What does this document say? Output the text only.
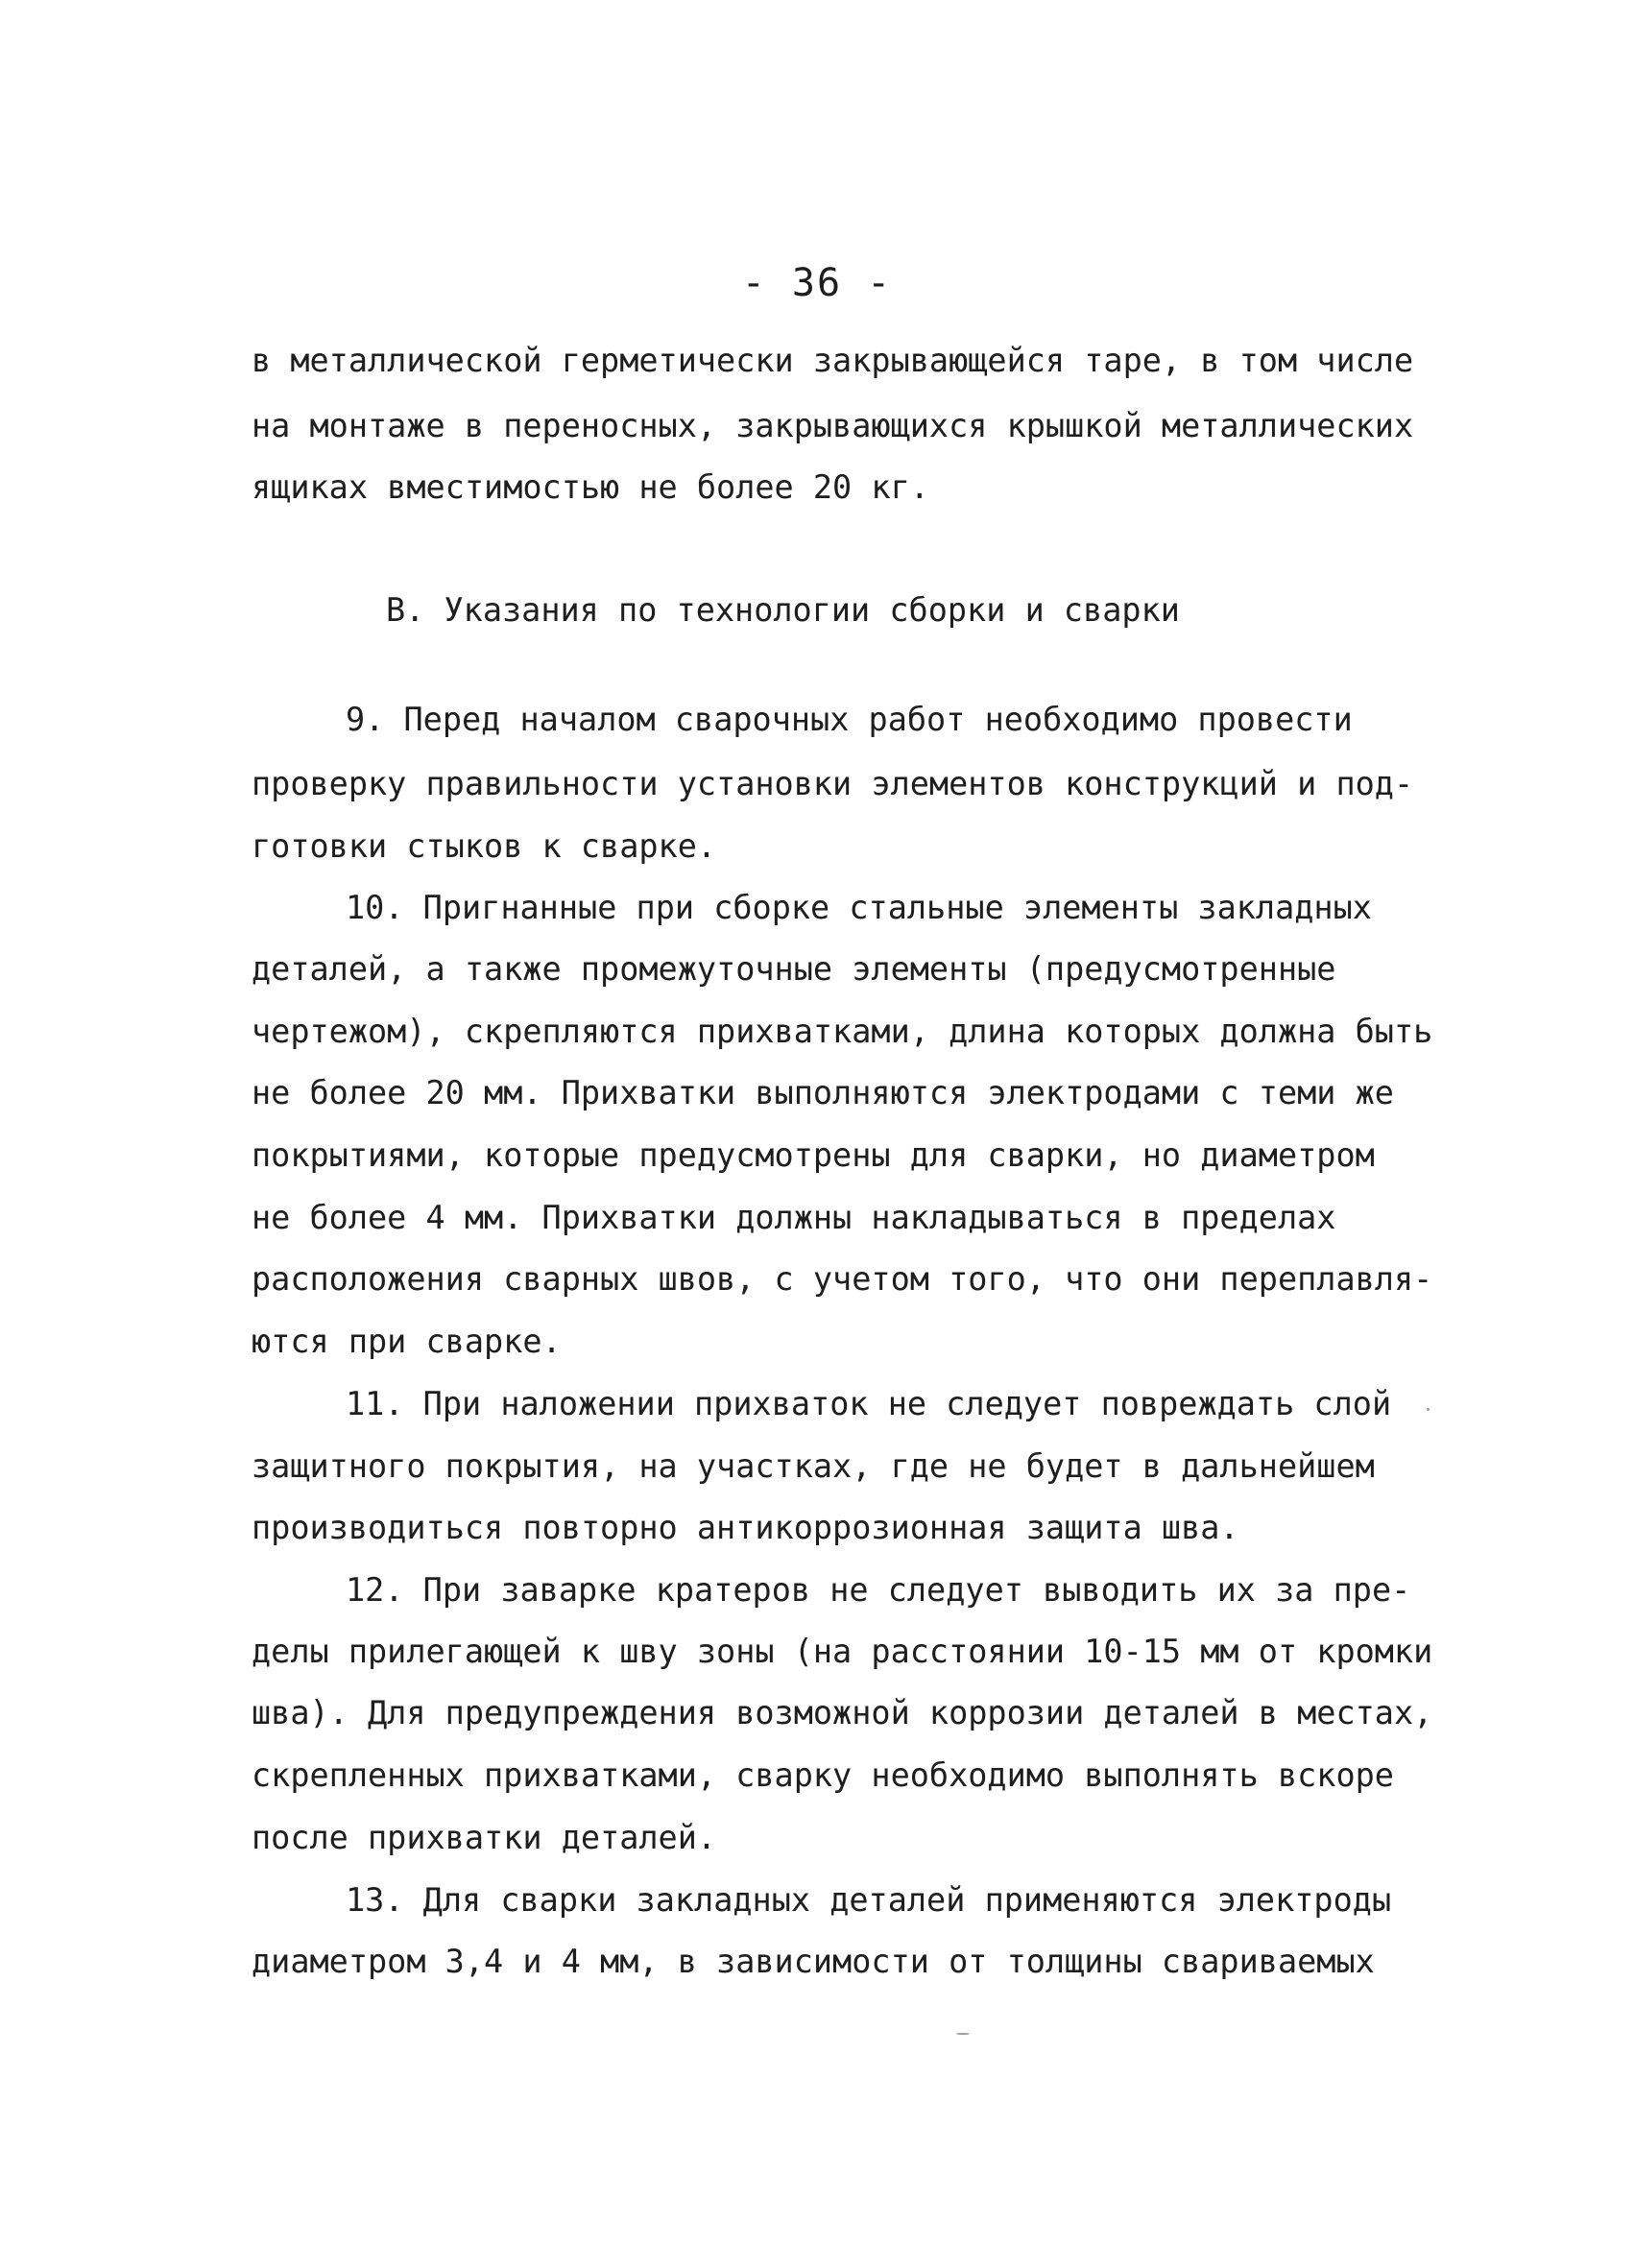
- 36 -
в металлической герметически закрывающейся таре, в том числе
на монтаже в переносных, закрывающихся крышкой металлических
ящиках вместимостью не более 20 кг.
В. Указания по технологии сборки и сварки
9. Перед началом сварочных работ необходимо провести
проверку правильности установки элементов конструкций и под-
готовки стыков к сварке.
10. Пригнанные при сборке стальные элементы закладных
деталей, а также промежуточные элементы (предусмотренные
чертежом), скрепляются прихватками, длина которых должна быть
не более 20 мм. Прихватки выполняются электродами с теми же
покрытиями, которые предусмотрены для сварки, но диаметром
не более 4 мм. Прихватки должны накладываться в пределах
расположения сварных швов, с учетом того, что они переплавля-
ются при сварке.
11. При наложении прихваток не следует повреждать слой
защитного покрытия, на участках, где не будет в дальнейшем
производиться повторно антикоррозионная защита шва.
12. При заварке кратеров не следует выводить их за пре-
делы прилегающей к шву зоны (на расстоянии 10-15 мм от кромки
шва). Для предупреждения возможной коррозии деталей в местах,
скрепленных прихватками, сварку необходимо выполнять вскоре
после прихватки деталей.
13. Для сварки закладных деталей применяются электроды
диаметром 3,4 и 4 мм, в зависимости от толщины свариваемых
